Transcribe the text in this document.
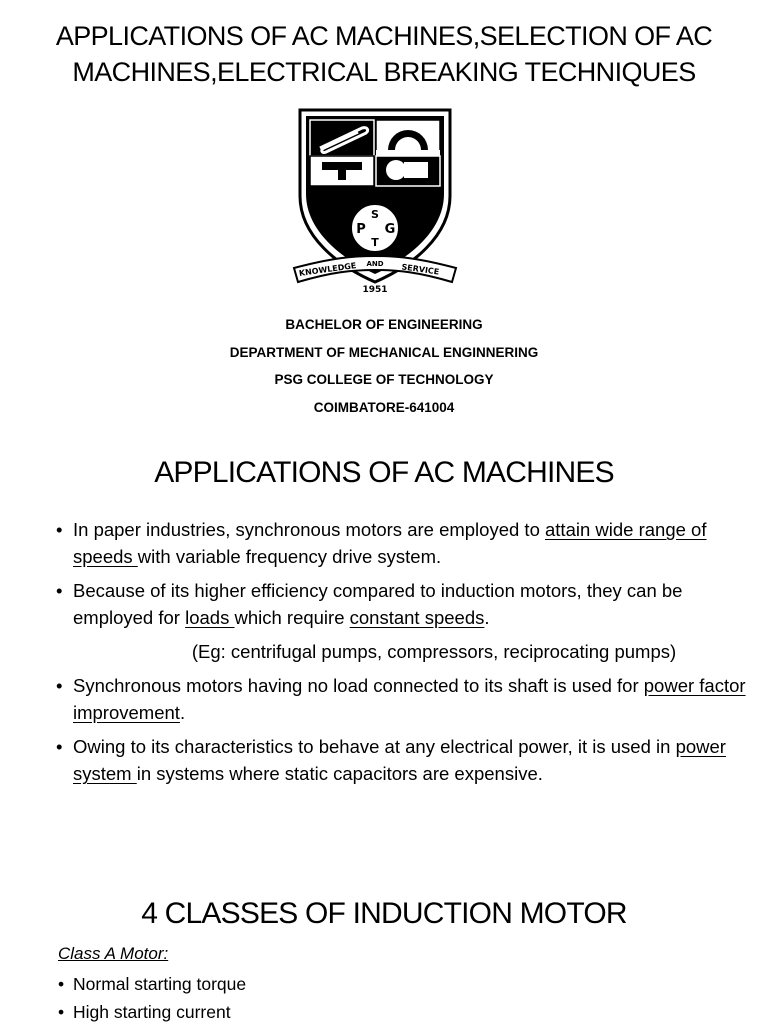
APPLICATIONS OF AC MACHINES,SELECTION OF AC
MACHINES,ELECTRICAL BREAKING TECHNIQUES
S
P G
T
KNOWLEDGE AND SERVICE
1951
BACHELOR OF ENGINEERING
DEPARTMENT OF MECHANICAL ENGINNERING
PSG COLLEGE OF TECHNOLOGY
COIMBATORE-641004
APPLICATIONS OF AC MACHINES
• In paper industries, synchronous motors are employed to attain wide range of speeds with variable frequency drive system.
• Because of its higher efficiency compared to induction motors, they can be employed for loads which require constant speeds.
(Eg: centrifugal pumps, compressors, reciprocating pumps)
• Synchronous motors having no load connected to its shaft is used for power factor improvement.
• Owing to its characteristics to behave at any electrical power, it is used in power system in systems where static capacitors are expensive.
4 CLASSES OF INDUCTION MOTOR
Class A Motor:
• Normal starting torque
• High starting current
